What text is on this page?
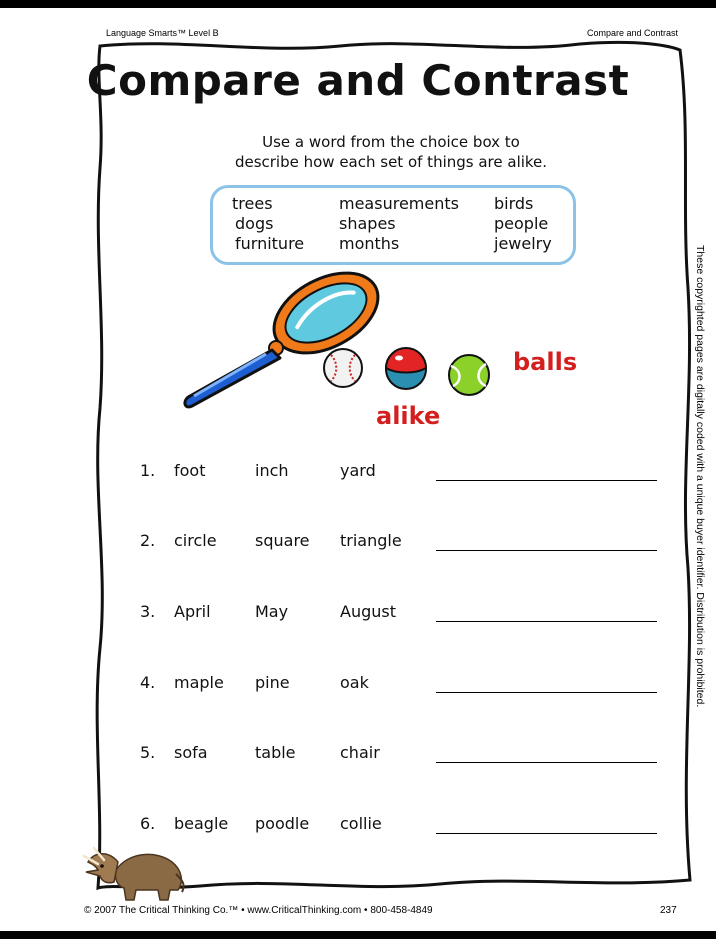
Language Smarts™ Level B	Compare and Contrast
Compare and Contrast
Use a word from the choice box to
describe how each set of things are alike.
trees
dogs
furniture
measurements
shapes
months
birds
people
jewelry
balls
alike
1. foot	inch	yard
2. circle square triangle
3. April	May	August
4. maple pine	oak
5. sofa	table	chair
6. beagle poodle collie
These copyrighted pages are digitally coded with a unique buyer identifier. Distribution is prohibited.
© 2007 The Critical Thinking Co.™ • www.CriticalThinking.com • 800-458-4849	237
